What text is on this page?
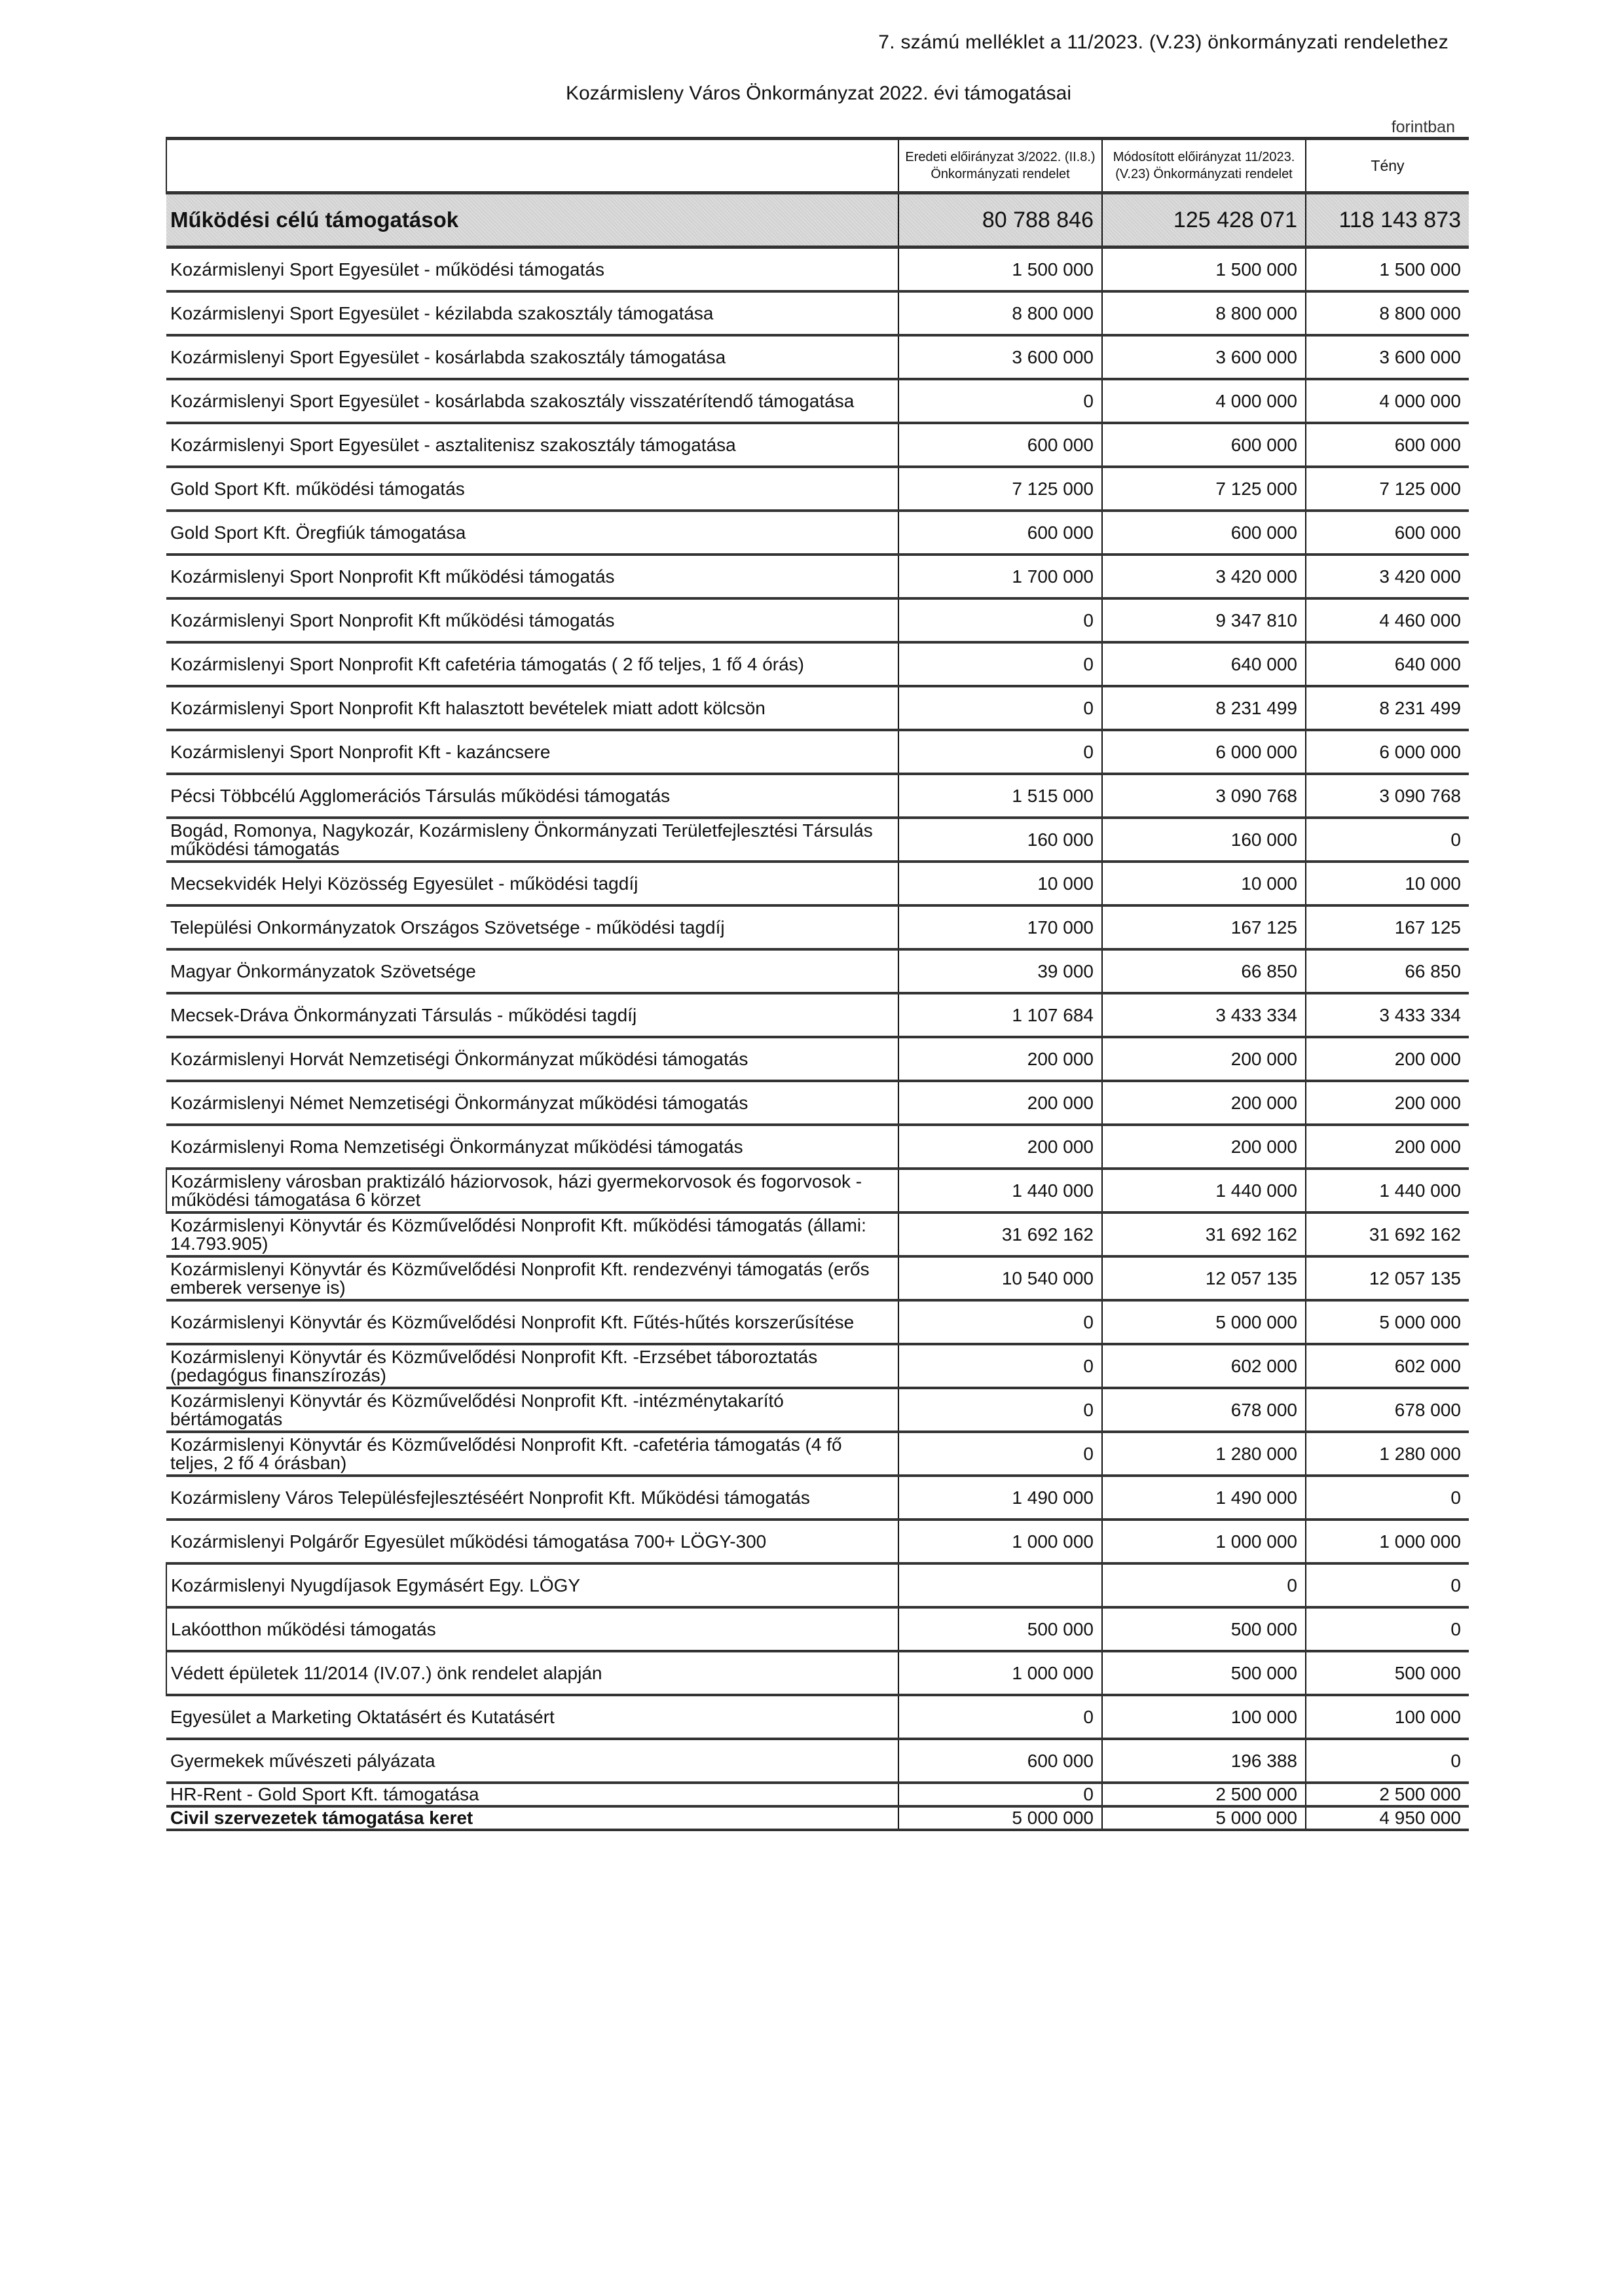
7. számú melléklet a 11/2023. (V.23) önkormányzati rendelethez
Kozármisleny Város Önkormányzat 2022. évi támogatásai
forintban
	Eredeti előirányzat 3/2022. (II.8.) Önkormányzati rendelet	Módosított előirányzat 11/2023. (V.23) Önkormányzati rendelet	Tény
Működési célú támogatások	80 788 846	125 428 071	118 143 873
Kozármislenyi Sport Egyesület - működési támogatás	1 500 000	1 500 000	1 500 000
Kozármislenyi Sport Egyesület - kézilabda szakosztály támogatása	8 800 000	8 800 000	8 800 000
Kozármislenyi Sport Egyesület - kosárlabda szakosztály támogatása	3 600 000	3 600 000	3 600 000
Kozármislenyi Sport Egyesület - kosárlabda szakosztály visszatérítendő támogatása	0	4 000 000	4 000 000
Kozármislenyi Sport Egyesület - asztalitenisz szakosztály támogatása	600 000	600 000	600 000
Gold Sport Kft. működési támogatás	7 125 000	7 125 000	7 125 000
Gold Sport Kft. Öregfiúk támogatása	600 000	600 000	600 000
Kozármislenyi Sport Nonprofit Kft működési támogatás	1 700 000	3 420 000	3 420 000
Kozármislenyi Sport Nonprofit Kft működési támogatás	0	9 347 810	4 460 000
Kozármislenyi Sport Nonprofit Kft cafetéria támogatás ( 2 fő teljes, 1 fő 4 órás)	0	640 000	640 000
Kozármislenyi Sport Nonprofit Kft halasztott bevételek miatt adott kölcsön	0	8 231 499	8 231 499
Kozármislenyi Sport Nonprofit Kft - kazáncsere	0	6 000 000	6 000 000
Pécsi Többcélú Agglomerációs Társulás működési támogatás	1 515 000	3 090 768	3 090 768
Bogád, Romonya, Nagykozár, Kozármisleny Önkormányzati Területfejlesztési Társulás működési támogatás	160 000	160 000	0
Mecsekvidék Helyi Közösség Egyesület - működési tagdíj	10 000	10 000	10 000
Települési Onkormányzatok Országos Szövetsége - működési tagdíj	170 000	167 125	167 125
Magyar Önkormányzatok Szövetsége	39 000	66 850	66 850
Mecsek-Dráva Önkormányzati Társulás - működési tagdíj	1 107 684	3 433 334	3 433 334
Kozármislenyi Horvát Nemzetiségi Önkormányzat működési támogatás	200 000	200 000	200 000
Kozármislenyi Német Nemzetiségi Önkormányzat működési támogatás	200 000	200 000	200 000
Kozármislenyi Roma Nemzetiségi Önkormányzat működési támogatás	200 000	200 000	200 000
Kozármisleny városban praktizáló háziorvosok, házi gyermekorvosok és fogorvosok - működési támogatása 6 körzet	1 440 000	1 440 000	1 440 000
Kozármislenyi Könyvtár és Közművelődési Nonprofit Kft. működési támogatás (állami: 14.793.905)	31 692 162	31 692 162	31 692 162
Kozármislenyi Könyvtár és Közművelődési Nonprofit Kft. rendezvényi támogatás (erős emberek versenye is)	10 540 000	12 057 135	12 057 135
Kozármislenyi Könyvtár és Közművelődési Nonprofit Kft. Fűtés-hűtés korszerűsítése	0	5 000 000	5 000 000
Kozármislenyi Könyvtár és Közművelődési Nonprofit Kft. -Erzsébet táboroztatás (pedagógus finanszírozás)	0	602 000	602 000
Kozármislenyi Könyvtár és Közművelődési Nonprofit Kft. -intézménytakarító bértámogatás	0	678 000	678 000
Kozármislenyi Könyvtár és Közművelődési Nonprofit Kft. -cafetéria támogatás (4 fő teljes, 2 fő 4 órásban)	0	1 280 000	1 280 000
Kozármisleny Város Településfejlesztéséért Nonprofit Kft. Működési támogatás	1 490 000	1 490 000	0
Kozármislenyi Polgárőr Egyesület működési támogatása 700+ LÖGY-300	1 000 000	1 000 000	1 000 000
Kozármislenyi Nyugdíjasok Egymásért Egy. LÖGY		0	0
Lakóotthon működési támogatás	500 000	500 000	0
Védett épületek 11/2014 (IV.07.) önk rendelet alapján	1 000 000	500 000	500 000
Egyesület a Marketing Oktatásért és Kutatásért	0	100 000	100 000
Gyermekek művészeti pályázata	600 000	196 388	0
HR-Rent - Gold Sport Kft. támogatása	0	2 500 000	2 500 000
Civil szervezetek támogatása keret	5 000 000	5 000 000	4 950 000
